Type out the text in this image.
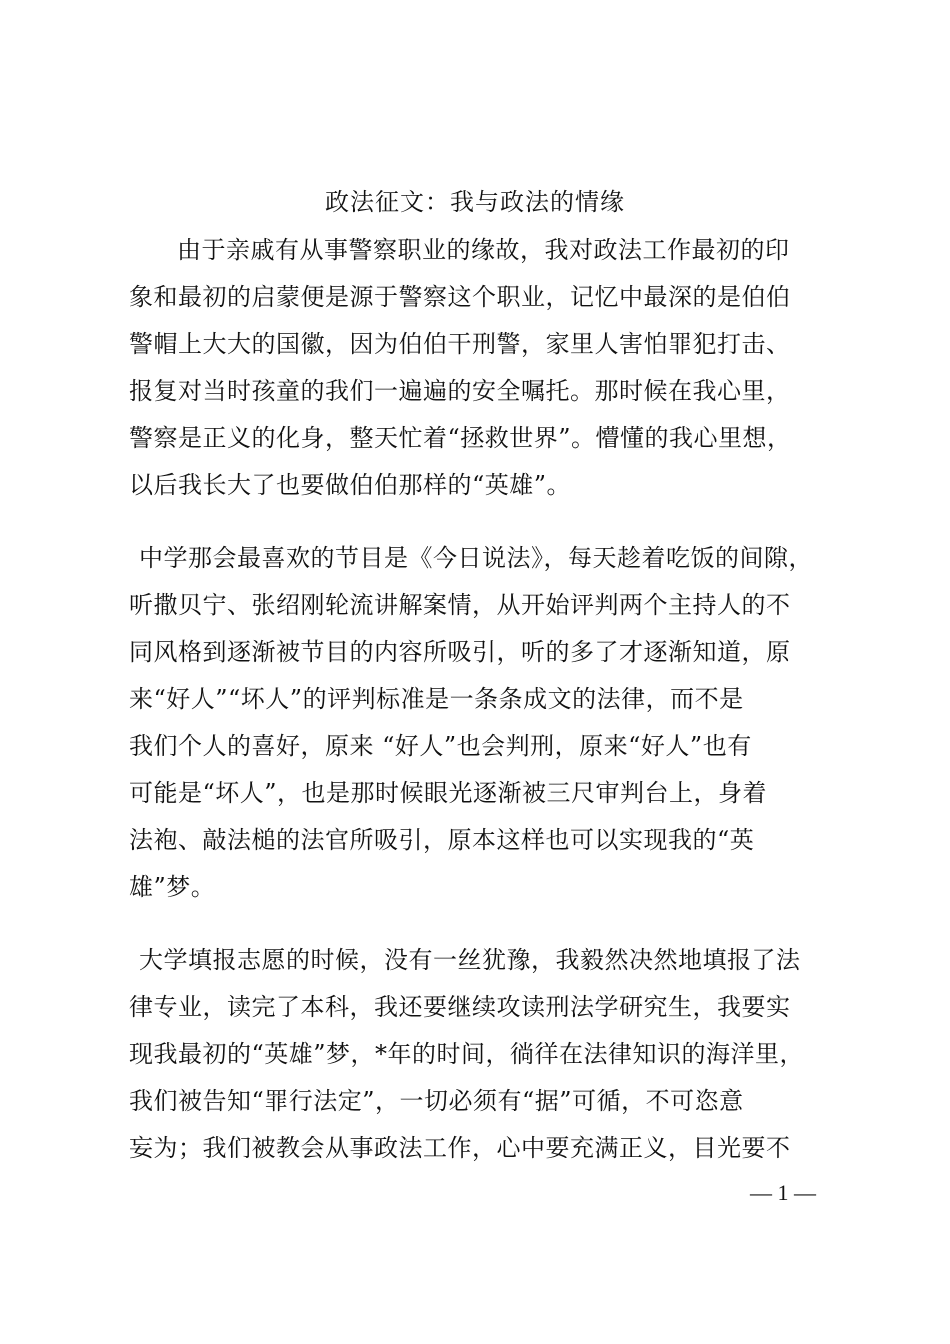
政法征文：我与政法的情缘
由于亲戚有从事警察职业的缘故，我对政法工作最初的印
象和最初的启蒙便是源于警察这个职业，记忆中最深的是伯伯
警帽上大大的国徽，因为伯伯干刑警，家里人害怕罪犯打击、
报复对当时孩童的我们一遍遍的安全嘱托。那时候在我心里，
警察是正义的化身，整天忙着“拯救世界”。懵懂的我心里想，
以后我长大了也要做伯伯那样的“英雄”。
中学那会最喜欢的节目是《今日说法》，每天趁着吃饭的间隙，
听撒贝宁、张绍刚轮流讲解案情，从开始评判两个主持人的不
同风格到逐渐被节目的内容所吸引，听的多了才逐渐知道，原
来“好人”“坏人”的评判标准是一条条成文的法律，而不是
我们个人的喜好，原来 “好人”也会判刑，原来“好人”也有
可能是“坏人”，也是那时候眼光逐渐被三尺审判台上，身着
法袍、敲法槌的法官所吸引，原本这样也可以实现我的“英
雄”梦。
大学填报志愿的时候，没有一丝犹豫，我毅然决然地填报了法
律专业，读完了本科，我还要继续攻读刑法学研究生，我要实
现我最初的“英雄”梦，*年的时间，徜徉在法律知识的海洋里，
我们被告知“罪行法定”，一切必须有“据”可循，不可恣意
妄为；我们被教会从事政法工作，心中要充满正义，目光要不
— 1 —
